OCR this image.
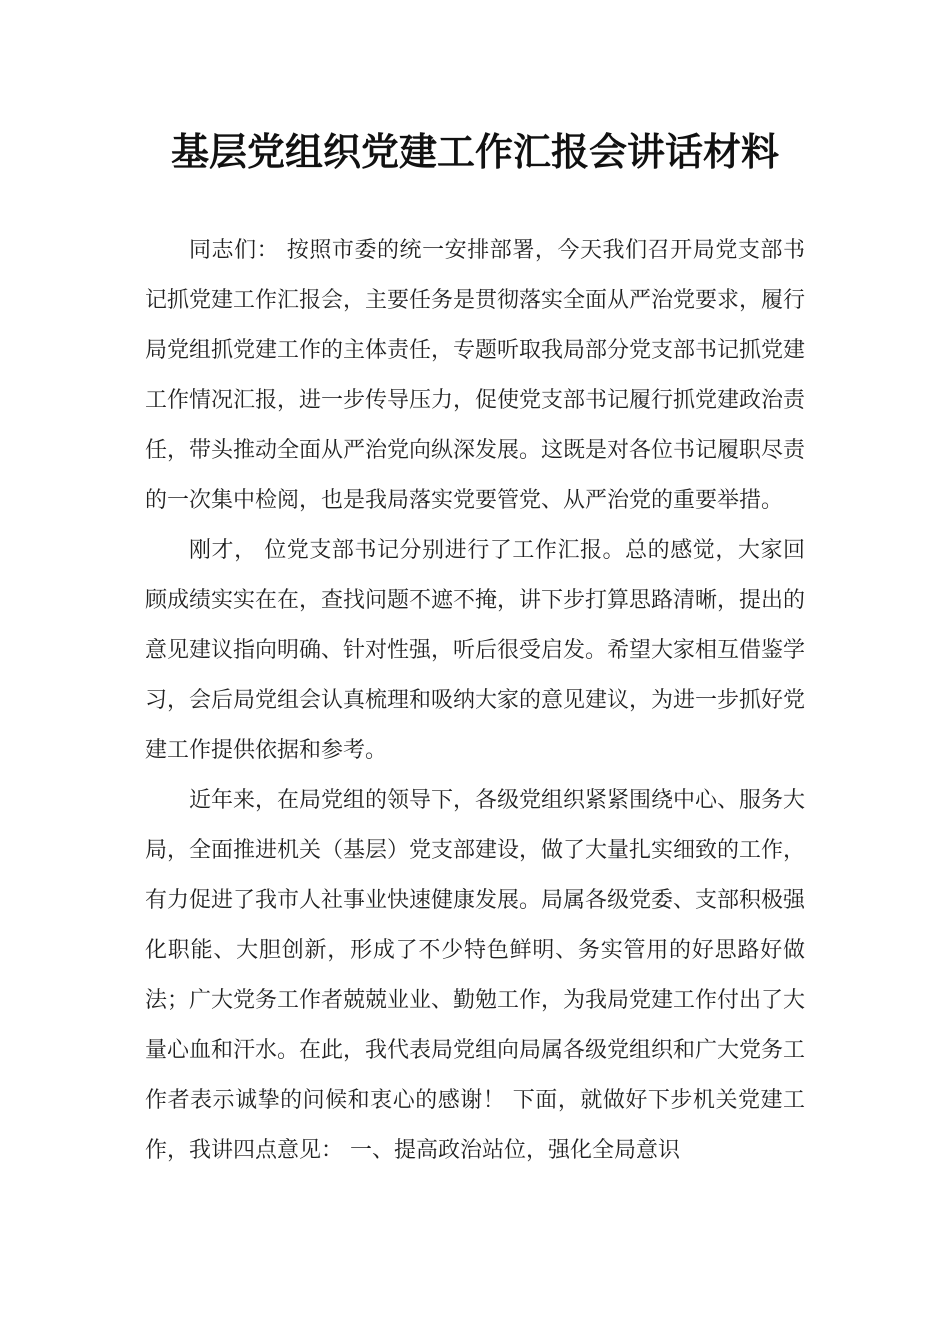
基层党组织党建工作汇报会讲话材料

同志们： 按照市委的统一安排部署，今天我们召开局党支部书记抓党建工作汇报会，主要任务是贯彻落实全面从严治党要求，履行局党组抓党建工作的主体责任，专题听取我局部分党支部书记抓党建工作情况汇报，进一步传导压力，促使党支部书记履行抓党建政治责任，带头推动全面从严治党向纵深发展。这既是对各位书记履职尽责的一次集中检阅，也是我局落实党要管党、从严治党的重要举措。

刚才， 位党支部书记分别进行了工作汇报。总的感觉，大家回顾成绩实实在在，查找问题不遮不掩，讲下步打算思路清晰，提出的意见建议指向明确、针对性强，听后很受启发。希望大家相互借鉴学习，会后局党组会认真梳理和吸纳大家的意见建议，为进一步抓好党建工作提供依据和参考。

近年来，在局党组的领导下，各级党组织紧紧围绕中心、服务大局，全面推进机关（基层）党支部建设，做了大量扎实细致的工作，有力促进了我市人社事业快速健康发展。局属各级党委、支部积极强化职能、大胆创新，形成了不少特色鲜明、务实管用的好思路好做法；广大党务工作者兢兢业业、勤勉工作，为我局党建工作付出了大量心血和汗水。在此，我代表局党组向局属各级党组织和广大党务工作者表示诚挚的问候和衷心的感谢！ 下面，就做好下步机关党建工作，我讲四点意见： 一、提高政治站位，强化全局意识
